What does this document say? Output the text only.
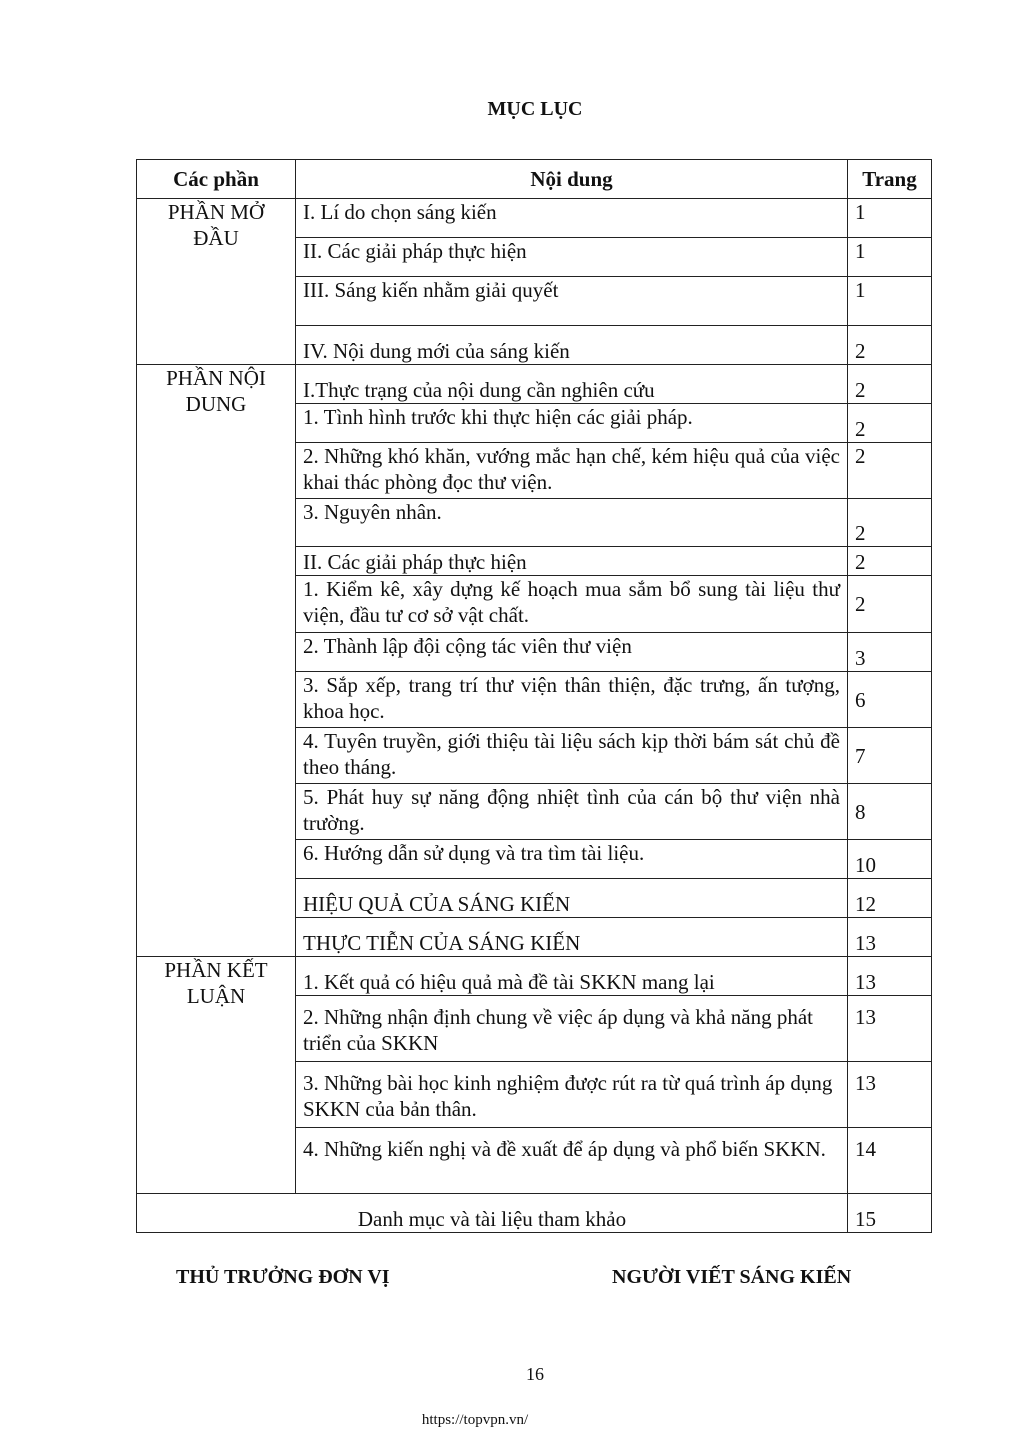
MỤC LỤC
Các phần	Nội dung	Trang
PHẦN MỞ ĐẦU	I. Lí do chọn sáng kiến	1
	II. Các giải pháp thực hiện	1
	III. Sáng kiến nhằm giải quyết	1
	IV. Nội dung mới của sáng kiến	2
PHẦN NỘI DUNG	I.Thực trạng của nội dung cần nghiên cứu	2
	1. Tình hình trước khi thực hiện các giải pháp.	2
	2. Những khó khăn, vướng mắc hạn chế, kém hiệu quả của việc khai thác phòng đọc thư viện.	2
	3. Nguyên nhân.	2
	II. Các giải pháp thực hiện	2
	1. Kiểm kê, xây dựng kế hoạch mua sắm bổ sung tài liệu thư viện, đầu tư cơ sở vật chất.	2
	2. Thành lập đội cộng tác viên thư viện	3
	3. Sắp xếp, trang trí thư viện thân thiện, đặc trưng, ấn tượng, khoa học.	6
	4. Tuyên truyền, giới thiệu tài liệu sách kịp thời bám sát chủ đề theo tháng.	7
	5. Phát huy sự năng động nhiệt tình của cán bộ thư viện nhà trường.	8
	6. Hướng dẫn sử dụng và tra tìm tài liệu.	10
	HIỆU QUẢ CỦA SÁNG KIẾN	12
	THỰC TIỄN CỦA SÁNG KIẾN	13
PHẦN KẾT LUẬN	1. Kết quả có hiệu quả mà đề tài SKKN mang lại	13
	2. Những nhận định chung về việc áp dụng và khả năng phát triển của SKKN	13
	3. Những bài học kinh nghiệm được rút ra từ quá trình áp dụng SKKN của bản thân.	13
	4. Những kiến nghị và đề xuất để áp dụng và phổ biến SKKN.	14
Danh mục và tài liệu tham khảo		15
THỦ TRƯỞNG ĐƠN VỊ	NGƯỜI VIẾT SÁNG KIẾN
16
https://topvpn.vn/
